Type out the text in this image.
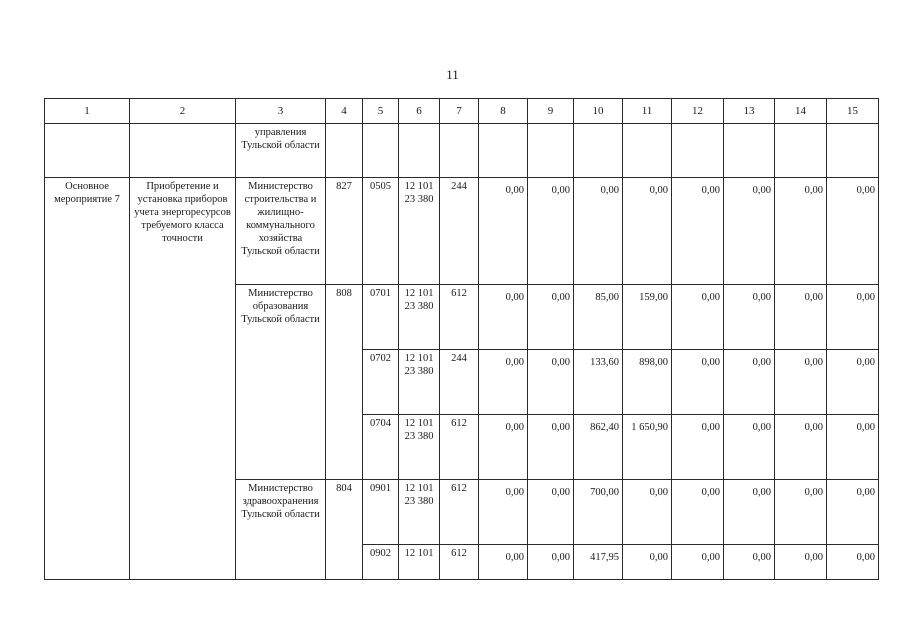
11
1	2	3	4	5	6	7	8	9	10	11	12	13	14	15
		управления Тульской области												
Основное мероприятие 7	Приобретение и установка приборов учета энергоресурсов требуемого класса точности	Министерство строительства и жилищно-коммунального хозяйства Тульской области	827	0505	12 101 23 380	244	0,00	0,00	0,00	0,00	0,00	0,00	0,00	0,00
		Министерство образования Тульской области	808	0701	12 101 23 380	612	0,00	0,00	85,00	159,00	0,00	0,00	0,00	0,00
				0702	12 101 23 380	244	0,00	0,00	133,60	898,00	0,00	0,00	0,00	0,00
				0704	12 101 23 380	612	0,00	0,00	862,40	1 650,90	0,00	0,00	0,00	0,00
		Министерство здравоохранения Тульской области	804	0901	12 101 23 380	612	0,00	0,00	700,00	0,00	0,00	0,00	0,00	0,00
				0902	12 101	612	0,00	0,00	417,95	0,00	0,00	0,00	0,00	0,00
